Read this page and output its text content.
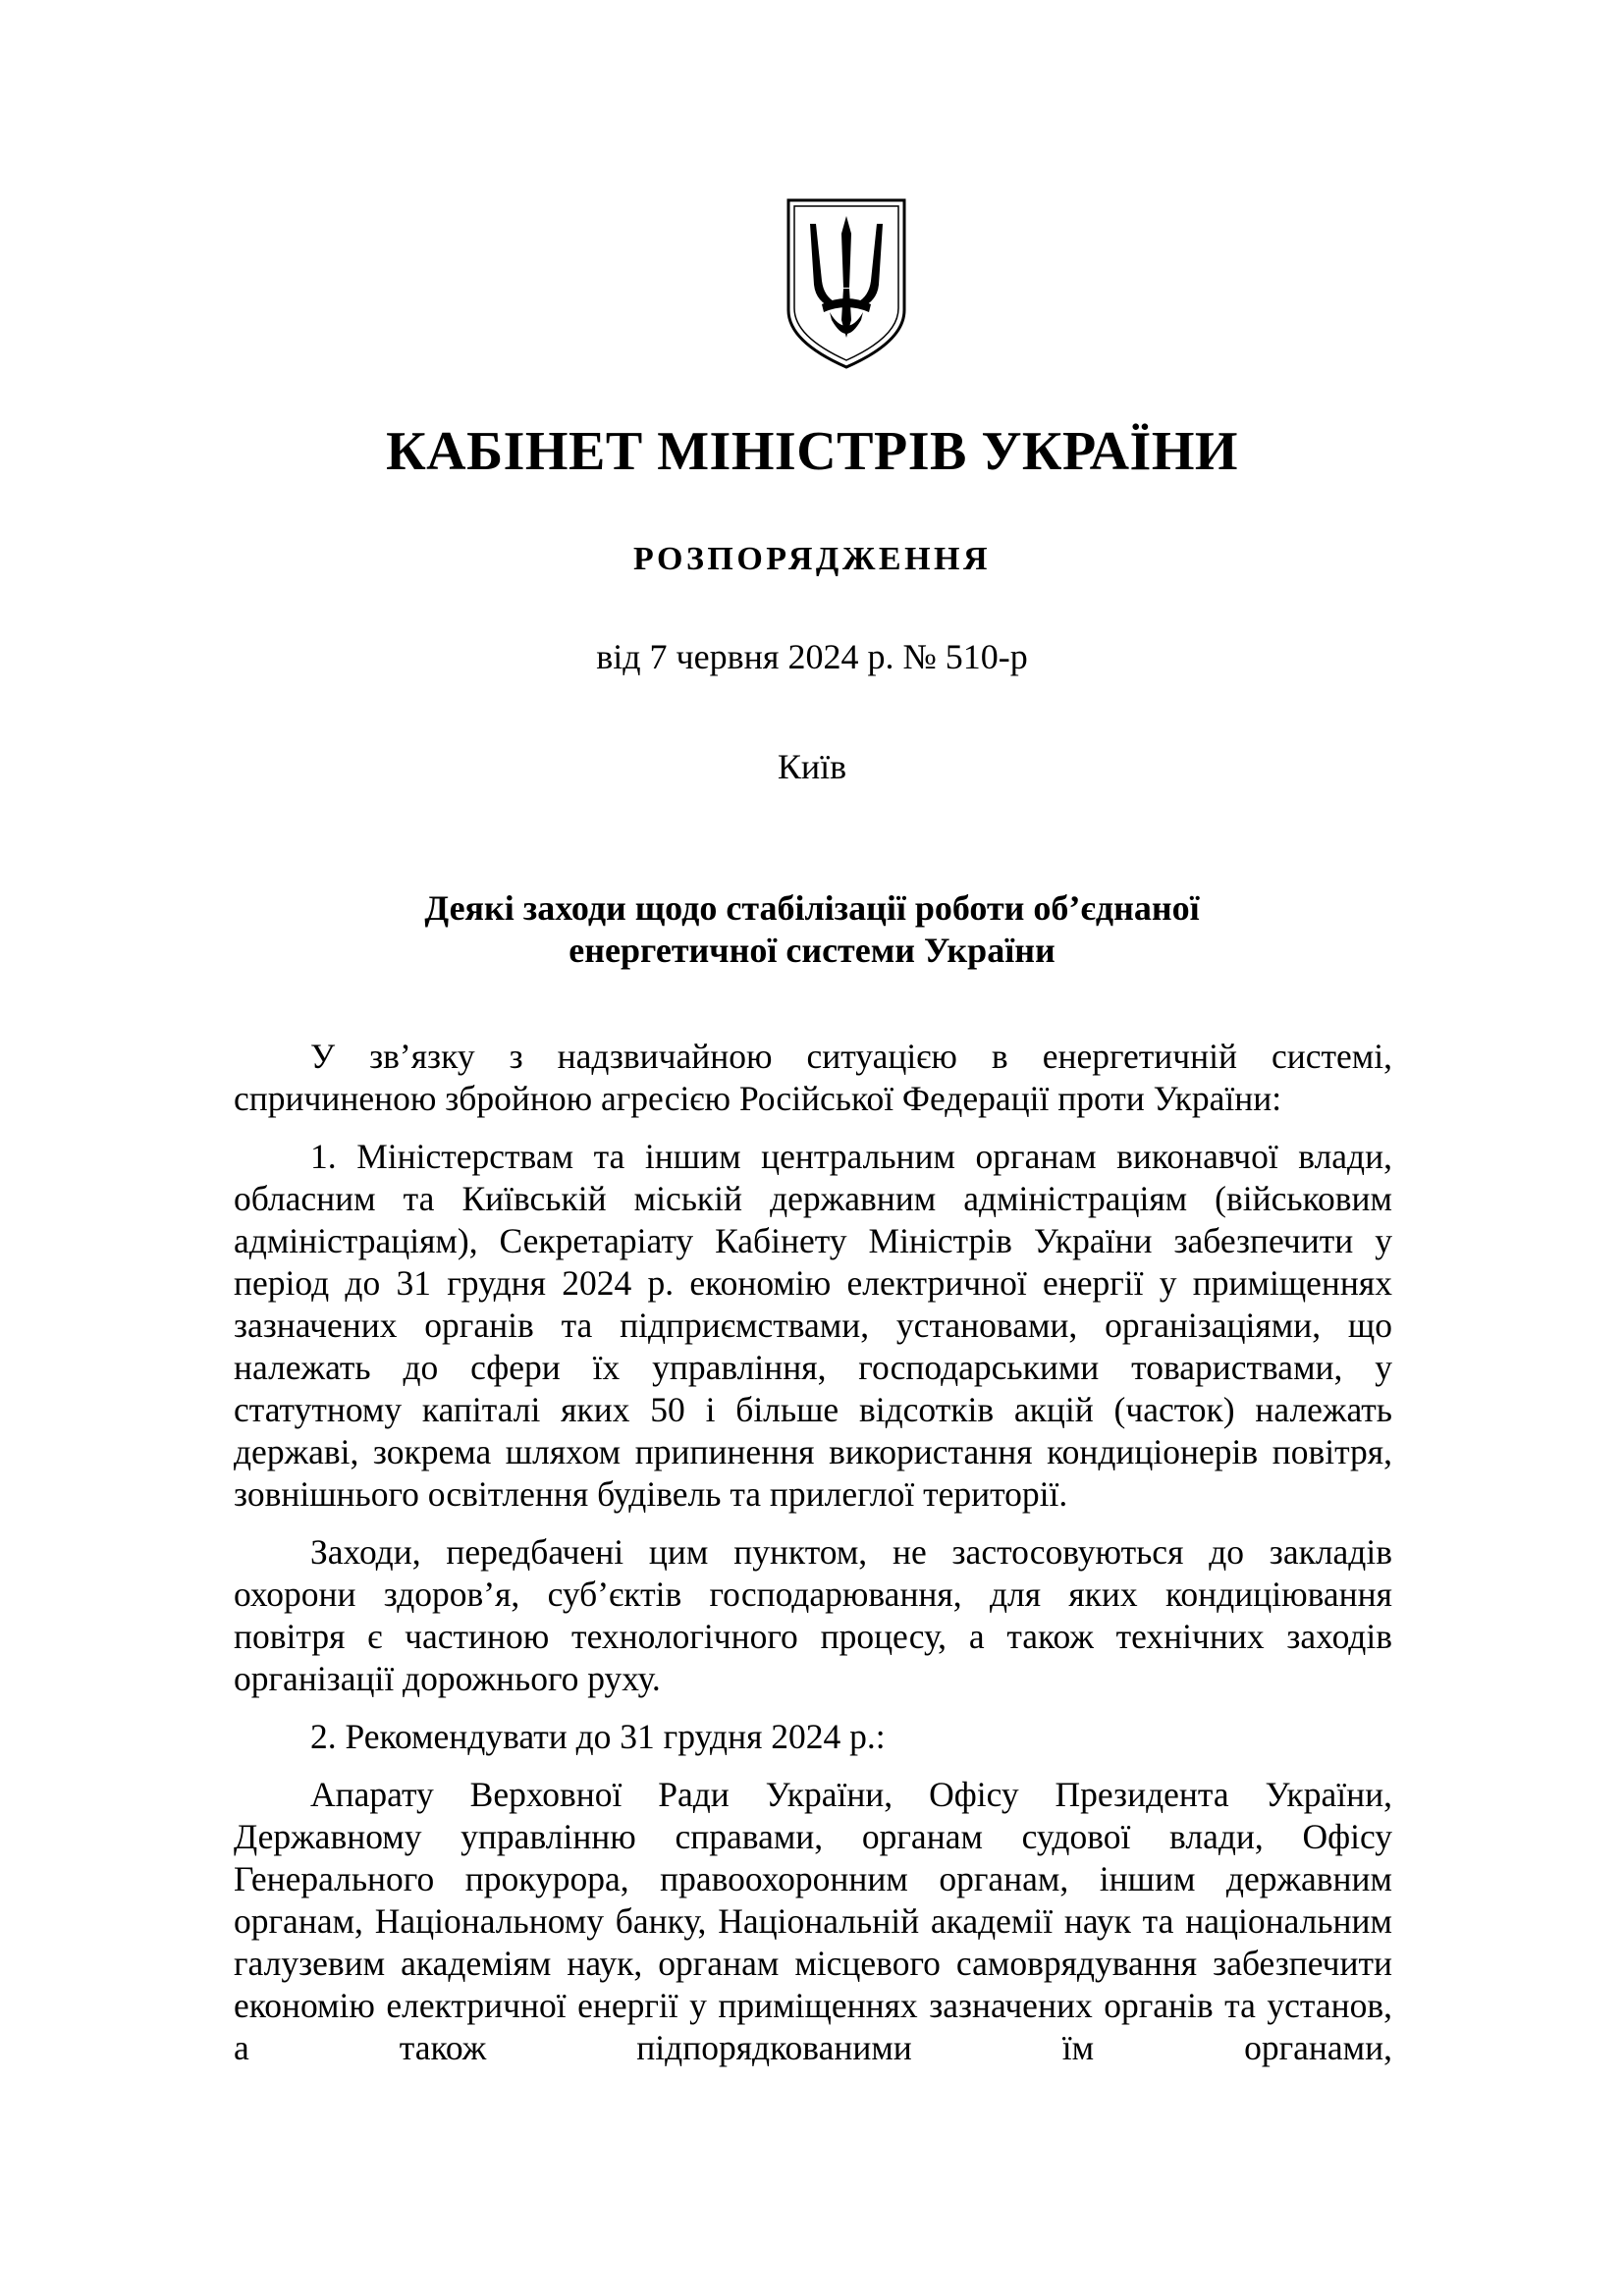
КАБІНЕТ МІНІСТРІВ УКРАЇНИ
РОЗПОРЯДЖЕННЯ
від 7 червня 2024 р. № 510-р
Київ
Деякі заходи щодо стабілізації роботи об’єднаної
енергетичної системи України

У зв’язку з надзвичайною ситуацією в енергетичній системі, спричиненою збройною агресією Російської Федерації проти України:

1. Міністерствам та іншим центральним органам виконавчої влади, обласним та Київській міській державним адміністраціям (військовим адміністраціям), Секретаріату Кабінету Міністрів України забезпечити у період до 31 грудня 2024 р. економію електричної енергії у приміщеннях зазначених органів та підприємствами, установами, організаціями, що належать до сфери їх управління, господарськими товариствами, у статутному капіталі яких 50 і більше відсотків акцій (часток) належать державі, зокрема шляхом припинення використання кондиціонерів повітря, зовнішнього освітлення будівель та прилеглої території.

Заходи, передбачені цим пунктом, не застосовуються до закладів охорони здоров’я, суб’єктів господарювання, для яких кондиціювання повітря є частиною технологічного процесу, а також технічних заходів організації дорожнього руху.

2. Рекомендувати до 31 грудня 2024 р.:

Апарату Верховної Ради України, Офісу Президента України, Державному управлінню справами, органам судової влади, Офісу Генерального прокурора, правоохоронним органам, іншим державним органам, Національному банку, Національній академії наук та національним галузевим академіям наук, органам місцевого самоврядування забезпечити економію електричної енергії у приміщеннях зазначених органів та установ, а також підпорядкованими їм органами,
